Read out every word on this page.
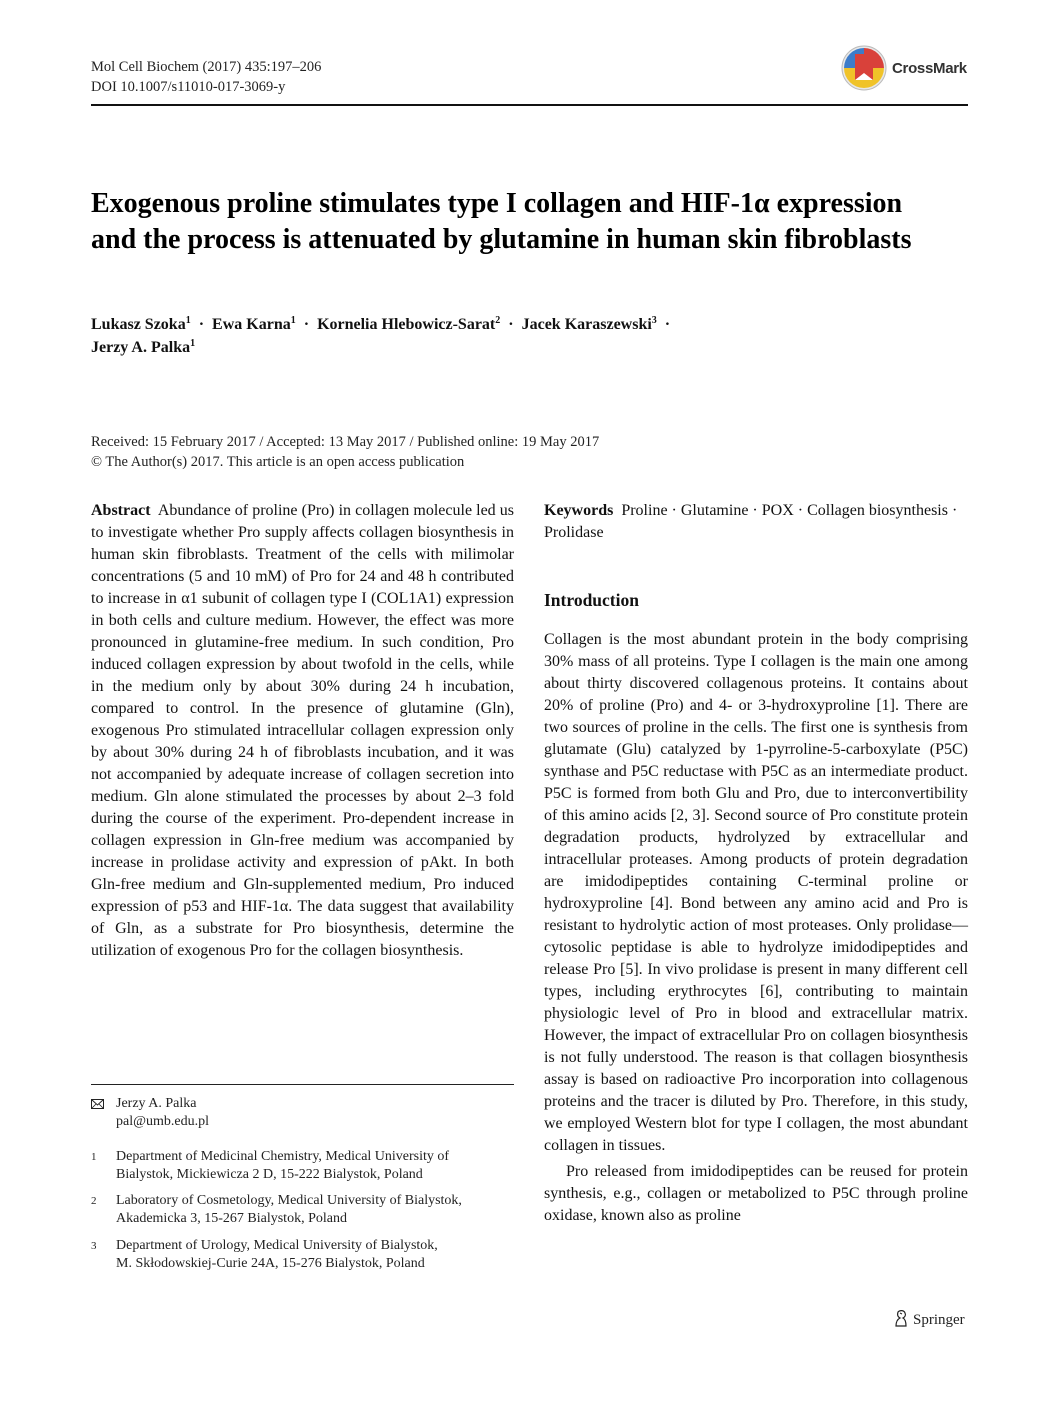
Mol Cell Biochem (2017) 435:197–206
DOI 10.1007/s11010-017-3069-y
CrossMark
Exogenous proline stimulates type I collagen and HIF-1α expression and the process is attenuated by glutamine in human skin fibroblasts
Lukasz Szoka$^1$ · Ewa Karna$^1$ · Kornelia Hlebowicz-Sarat$^2$ · Jacek Karaszewski$^3$ ·
Jerzy A. Palka$^1$
Received: 15 February 2017 / Accepted: 13 May 2017 / Published online: 19 May 2017
© The Author(s) 2017. This article is an open access publication

Abstract Abundance of proline (Pro) in collagen molecule led us to investigate whether Pro supply affects collagen biosynthesis in human skin fibroblasts. Treatment of the cells with milimolar concentrations (5 and 10 mM) of Pro for 24 and 48 h contributed to increase in α1 subunit of collagen type I (COL1A1) expression in both cells and culture medium. However, the effect was more pronounced in glutamine-free medium. In such condition, Pro induced collagen expression by about twofold in the cells, while in the medium only by about 30% during 24 h incubation, compared to control. In the presence of glutamine (Gln), exogenous Pro stimulated intracellular collagen expression only by about 30% during 24 h of fibroblasts incubation, and it was not accompanied by adequate increase of collagen secretion into medium. Gln alone stimulated the processes by about 2–3 fold during the course of the experiment. Pro-dependent increase in collagen expression in Gln-free medium was accompanied by increase in prolidase activity and expression of pAkt. In both Gln-free medium and Gln-supplemented medium, Pro induced expression of p53 and HIF-1α. The data suggest that availability of Gln, as a substrate for Pro biosynthesis, determine the utilization of exogenous Pro for the collagen biosynthesis.

Jerzy A. Palka
pal@umb.edu.pl
1 Department of Medicinal Chemistry, Medical University of
Bialystok, Mickiewicza 2 D, 15-222 Bialystok, Poland
2 Laboratory of Cosmetology, Medical University of Bialystok,
Akademicka 3, 15-267 Bialystok, Poland
3 Department of Urology, Medical University of Bialystok,
M. Skłodowskiej-Curie 24A, 15-276 Bialystok, Poland

Keywords Proline · Glutamine · POX · Collagen biosynthesis · Prolidase

Introduction

Collagen is the most abundant protein in the body comprising 30% mass of all proteins. Type I collagen is the main one among about thirty discovered collagenous proteins. It contains about 20% of proline (Pro) and 4- or 3-hydroxyproline [1]. There are two sources of proline in the cells. The first one is synthesis from glutamate (Glu) catalyzed by 1-pyrroline-5-carboxylate (P5C) synthase and P5C reductase with P5C as an intermediate product. P5C is formed from both Glu and Pro, due to interconvertibility of this amino acids [2, 3]. Second source of Pro constitute protein degradation products, hydrolyzed by extracellular and intracellular proteases. Among products of protein degradation are imidodipeptides containing C-terminal proline or hydroxyproline [4]. Bond between any amino acid and Pro is resistant to hydrolytic action of most proteases. Only prolidase—cytosolic peptidase is able to hydrolyze imidodipeptides and release Pro [5]. In vivo prolidase is present in many different cell types, including erythrocytes [6], contributing to maintain physiologic level of Pro in blood and extracellular matrix. However, the impact of extracellular Pro on collagen biosynthesis is not fully understood. The reason is that collagen biosynthesis assay is based on radioactive Pro incorporation into collagenous proteins and the tracer is diluted by Pro. Therefore, in this study, we employed Western blot for type I collagen, the most abundant collagen in tissues.

Pro released from imidodipeptides can be reused for protein synthesis, e.g., collagen or metabolized to P5C through proline oxidase, known also as proline

Springer
